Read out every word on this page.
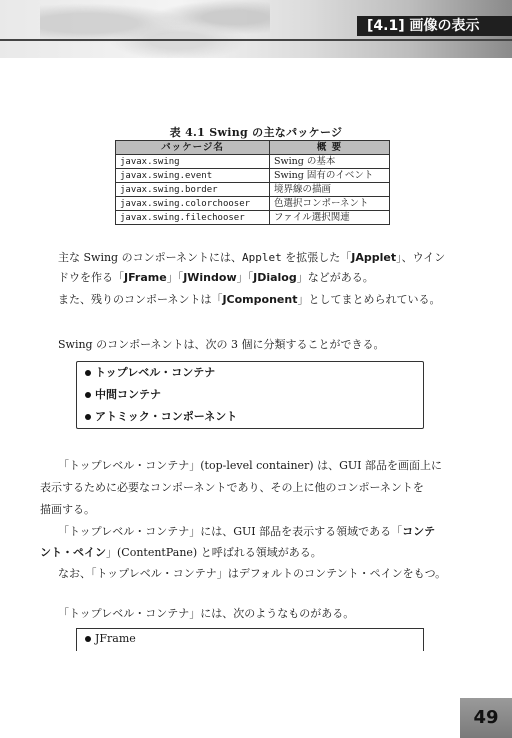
[4.1] 画像の表示
表 4.1 Swing の主なパッケージ
パッケージ名	概 要
javax.swing	Swing の基本
javax.swing.event	Swing 固有のイベント
javax.swing.border	境界線の描画
javax.swing.colorchooser	色選択コンポーネント
javax.swing.filechooser	ファイル選択関連
主な Swing のコンポーネントには、Applet を拡張した「JApplet」、ウイン
ドウを作る「JFrame」「JWindow」「JDialog」などがある。
また、残りのコンポーネントは「JComponent」としてまとめられている。
Swing のコンポーネントは、次の 3 個に分類することができる。
トップレベル・コンテナ
中間コンテナ
アトミック・コンポーネント
「トップレベル・コンテナ」(top-level container) は、GUI 部品を画面上に
表示するために必要なコンポーネントであり、その上に他のコンポーネントを
描画する。
「トップレベル・コンテナ」には、GUI 部品を表示する領域である「コンテ
ント・ペイン」(ContentPane) と呼ばれる領域がある。
なお、「トップレベル・コンテナ」はデフォルトのコンテント・ペインをもつ。
「トップレベル・コンテナ」には、次のようなものがある。
JFrame
49
